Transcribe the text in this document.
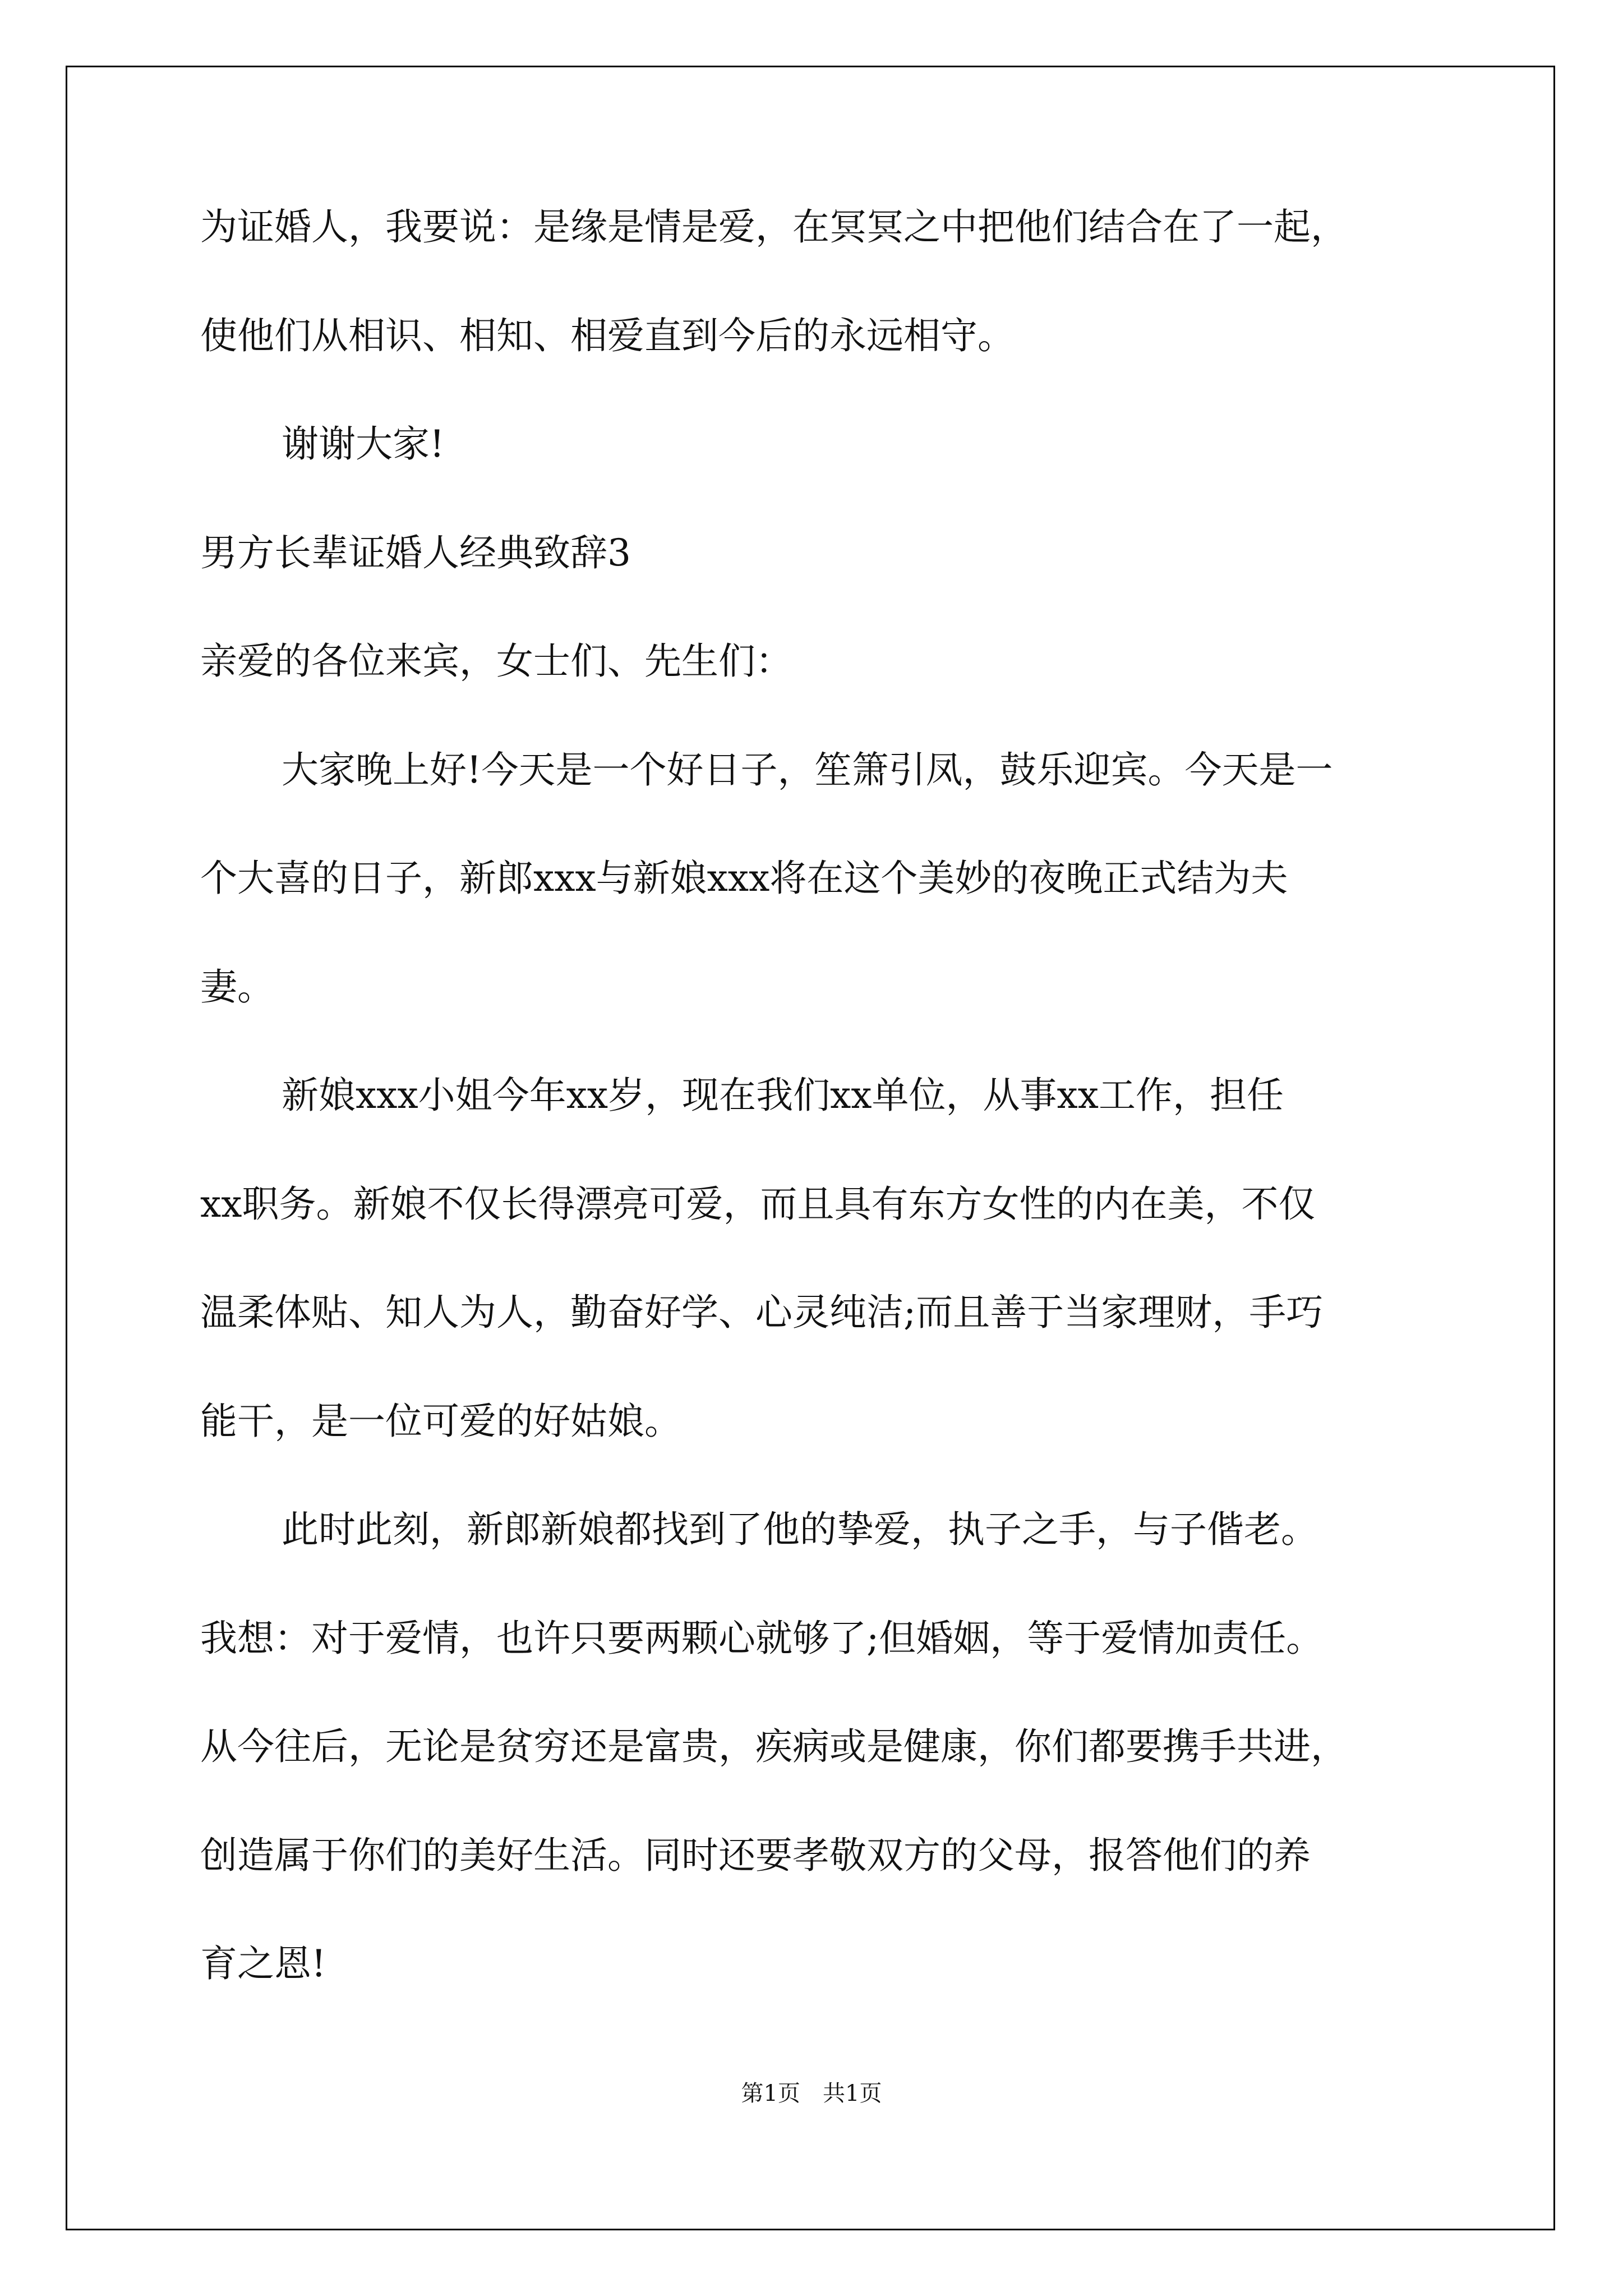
为证婚人，我要说：是缘是情是爱，在冥冥之中把他们结合在了一起，
使他们从相识、相知、相爱直到今后的永远相守。
谢谢大家!
男方长辈证婚人经典致辞3
亲爱的各位来宾，女士们、先生们：
大家晚上好!今天是一个好日子，笙箫引凤，鼓乐迎宾。今天是一
个大喜的日子，新郎xxx与新娘xxx将在这个美妙的夜晚正式结为夫
妻。
新娘xxx小姐今年xx岁，现在我们xx单位，从事xx工作，担任
xx职务。新娘不仅长得漂亮可爱，而且具有东方女性的内在美，不仅
温柔体贴、知人为人，勤奋好学、心灵纯洁;而且善于当家理财，手巧
能干，是一位可爱的好姑娘。
此时此刻，新郎新娘都找到了他的挚爱，执子之手，与子偕老。
我想：对于爱情，也许只要两颗心就够了;但婚姻，等于爱情加责任。
从今往后，无论是贫穷还是富贵，疾病或是健康，你们都要携手共进，
创造属于你们的美好生活。同时还要孝敬双方的父母，报答他们的养
育之恩!
第1页　共1页
